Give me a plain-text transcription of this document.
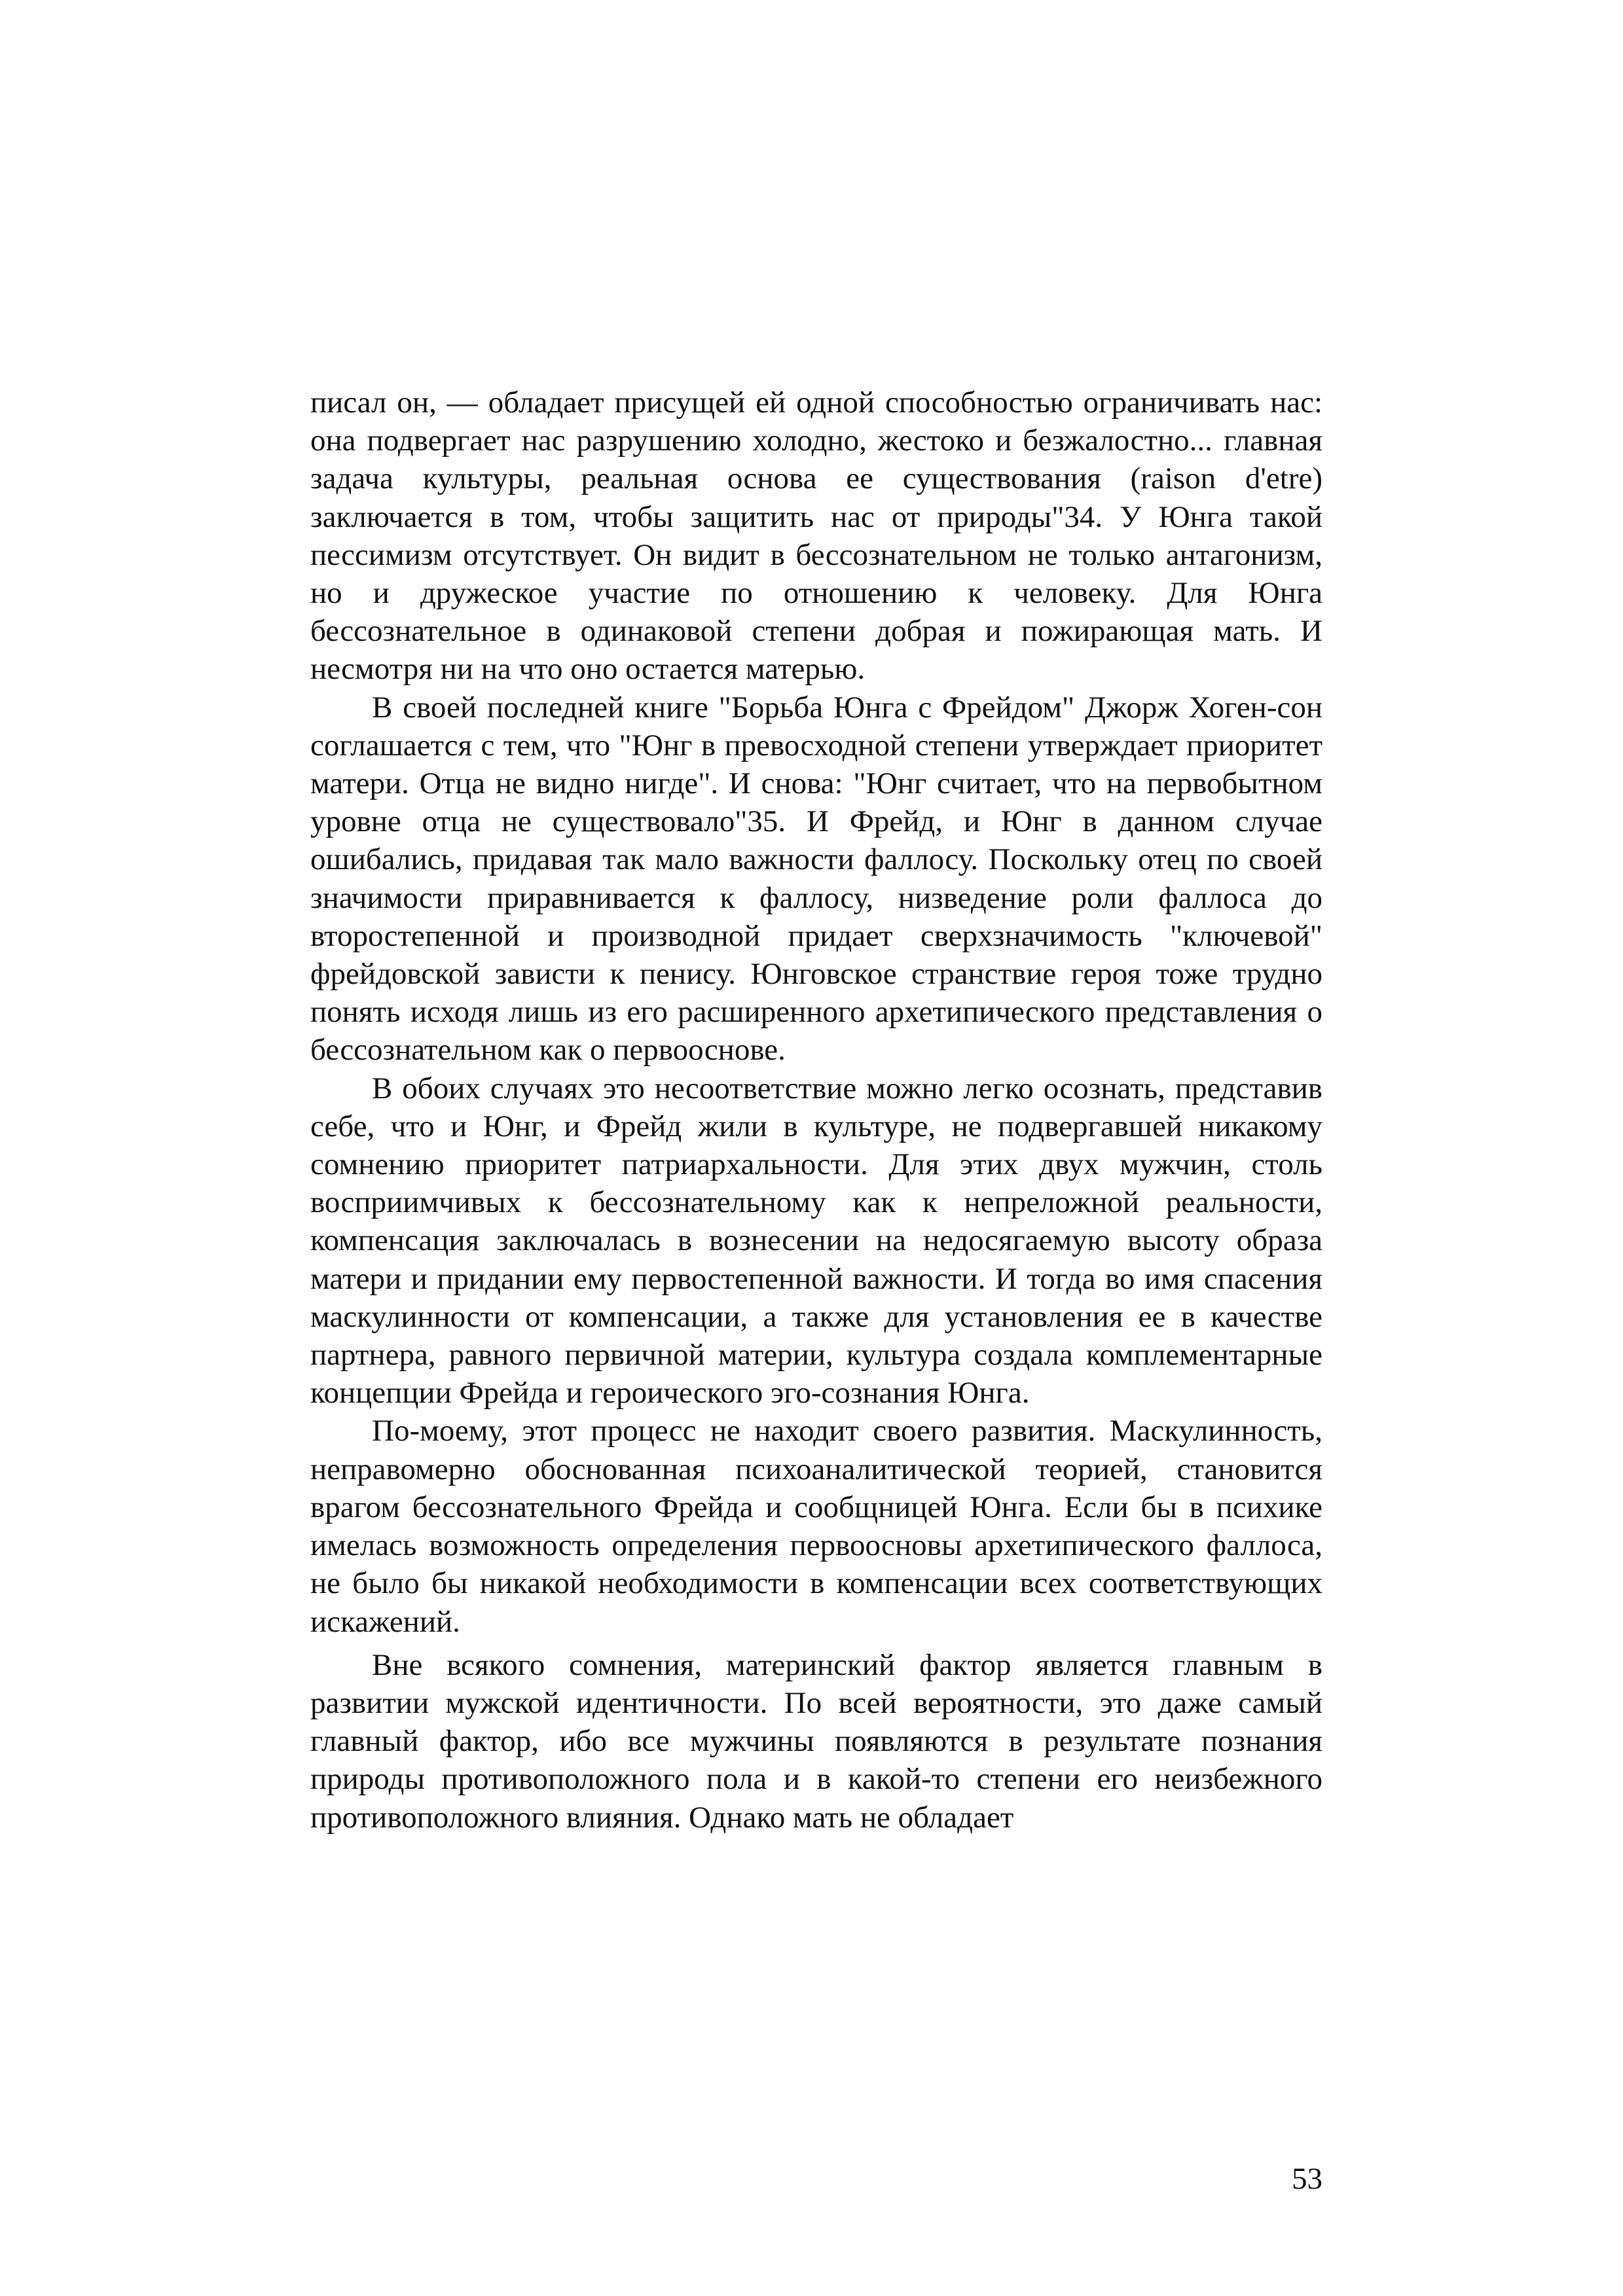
писал он, — обладает присущей ей одной способностью ограничивать нас: она подвергает нас разрушению холодно, жестоко и безжалостно... главная задача культуры, реальная основа ее существования (raison d'etre) заключается в том, чтобы защитить нас от природы"34. У Юнга такой пессимизм отсутствует. Он видит в бессознательном не только антагонизм, но и дружеское участие по отношению к человеку. Для Юнга бессознательное в одинаковой степени добрая и пожирающая мать. И несмотря ни на что оно остается матерью.

В своей последней книге "Борьба Юнга с Фрейдом" Джорж Хоген-сон соглашается с тем, что "Юнг в превосходной степени утверждает приоритет матери. Отца не видно нигде". И снова: "Юнг считает, что на первобытном уровне отца не существовало"35. И Фрейд, и Юнг в данном случае ошибались, придавая так мало важности фаллосу. Поскольку отец по своей значимости приравнивается к фаллосу, низведение роли фаллоса до второстепенной и производной придает сверхзначимость "ключевой" фрейдовской зависти к пенису. Юнговское странствие героя тоже трудно понять исходя лишь из его расширенного архетипического представления о бессознательном как о первооснове.

В обоих случаях это несоответствие можно легко осознать, представив себе, что и Юнг, и Фрейд жили в культуре, не подвергавшей никакому сомнению приоритет патриархальности. Для этих двух мужчин, столь восприимчивых к бессознательному как к непреложной реальности, компенсация заключалась в вознесении на недосягаемую высоту образа матери и придании ему первостепенной важности. И тогда во имя спасения маскулинности от компенсации, а также для установления ее в качестве партнера, равного первичной материи, культура создала комплементарные концепции Фрейда и героического эго-сознания Юнга.

По-моему, этот процесс не находит своего развития. Маскулинность, неправомерно обоснованная психоаналитической теорией, становится врагом бессознательного Фрейда и сообщницей Юнга. Если бы в психике имелась возможность определения первоосновы архетипического фаллоса, не было бы никакой необходимости в компенсации всех соответствующих искажений.

Вне всякого сомнения, материнский фактор является главным в развитии мужской идентичности. По всей вероятности, это даже самый главный фактор, ибо все мужчины появляются в результате познания природы противоположного пола и в какой-то степени его неизбежного противоположного влияния. Однако мать не обладает

53
